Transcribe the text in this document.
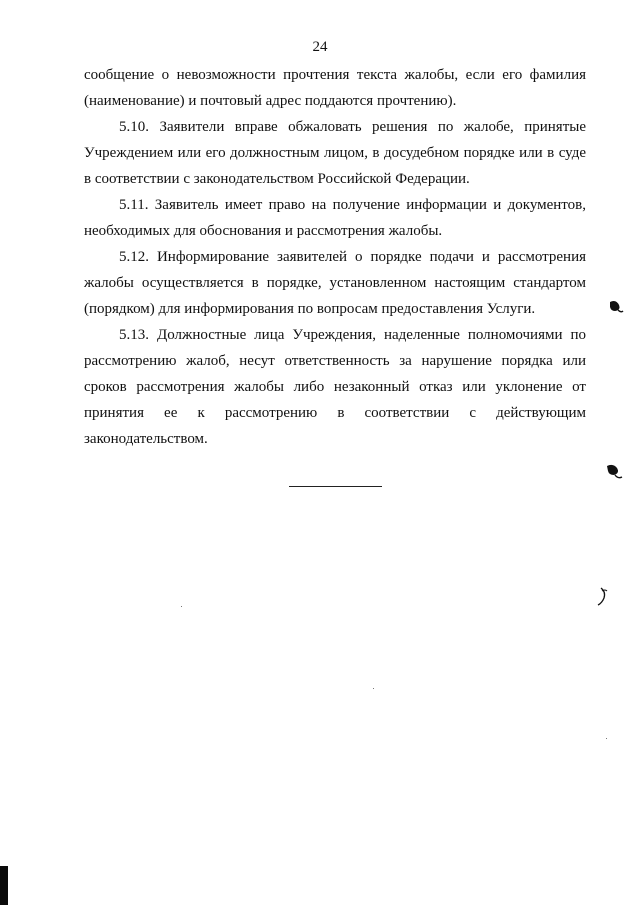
24

сообщение о невозможности прочтения текста жалобы, если его фамилия (наименование) и почтовый адрес поддаются прочтению).

5.10. Заявители вправе обжаловать решения по жалобе, принятые Учреждением или его должностным лицом, в досудебном порядке или в суде в соответствии с законодательством Российской Федерации.

5.11. Заявитель имеет право на получение информации и документов, необходимых для обоснования и рассмотрения жалобы.

5.12. Информирование заявителей о порядке подачи и рассмотрения жалобы осуществляется в порядке, установленном настоящим стандартом (порядком) для информирования по вопросам предоставления Услуги.

5.13. Должностные лица Учреждения, наделенные полномочиями по рассмотрению жалоб, несут ответственность за нарушение порядка или сроков рассмотрения жалобы либо незаконный отказ или уклонение от принятия ее к рассмотрению в соответствии с действующим законодательством.
